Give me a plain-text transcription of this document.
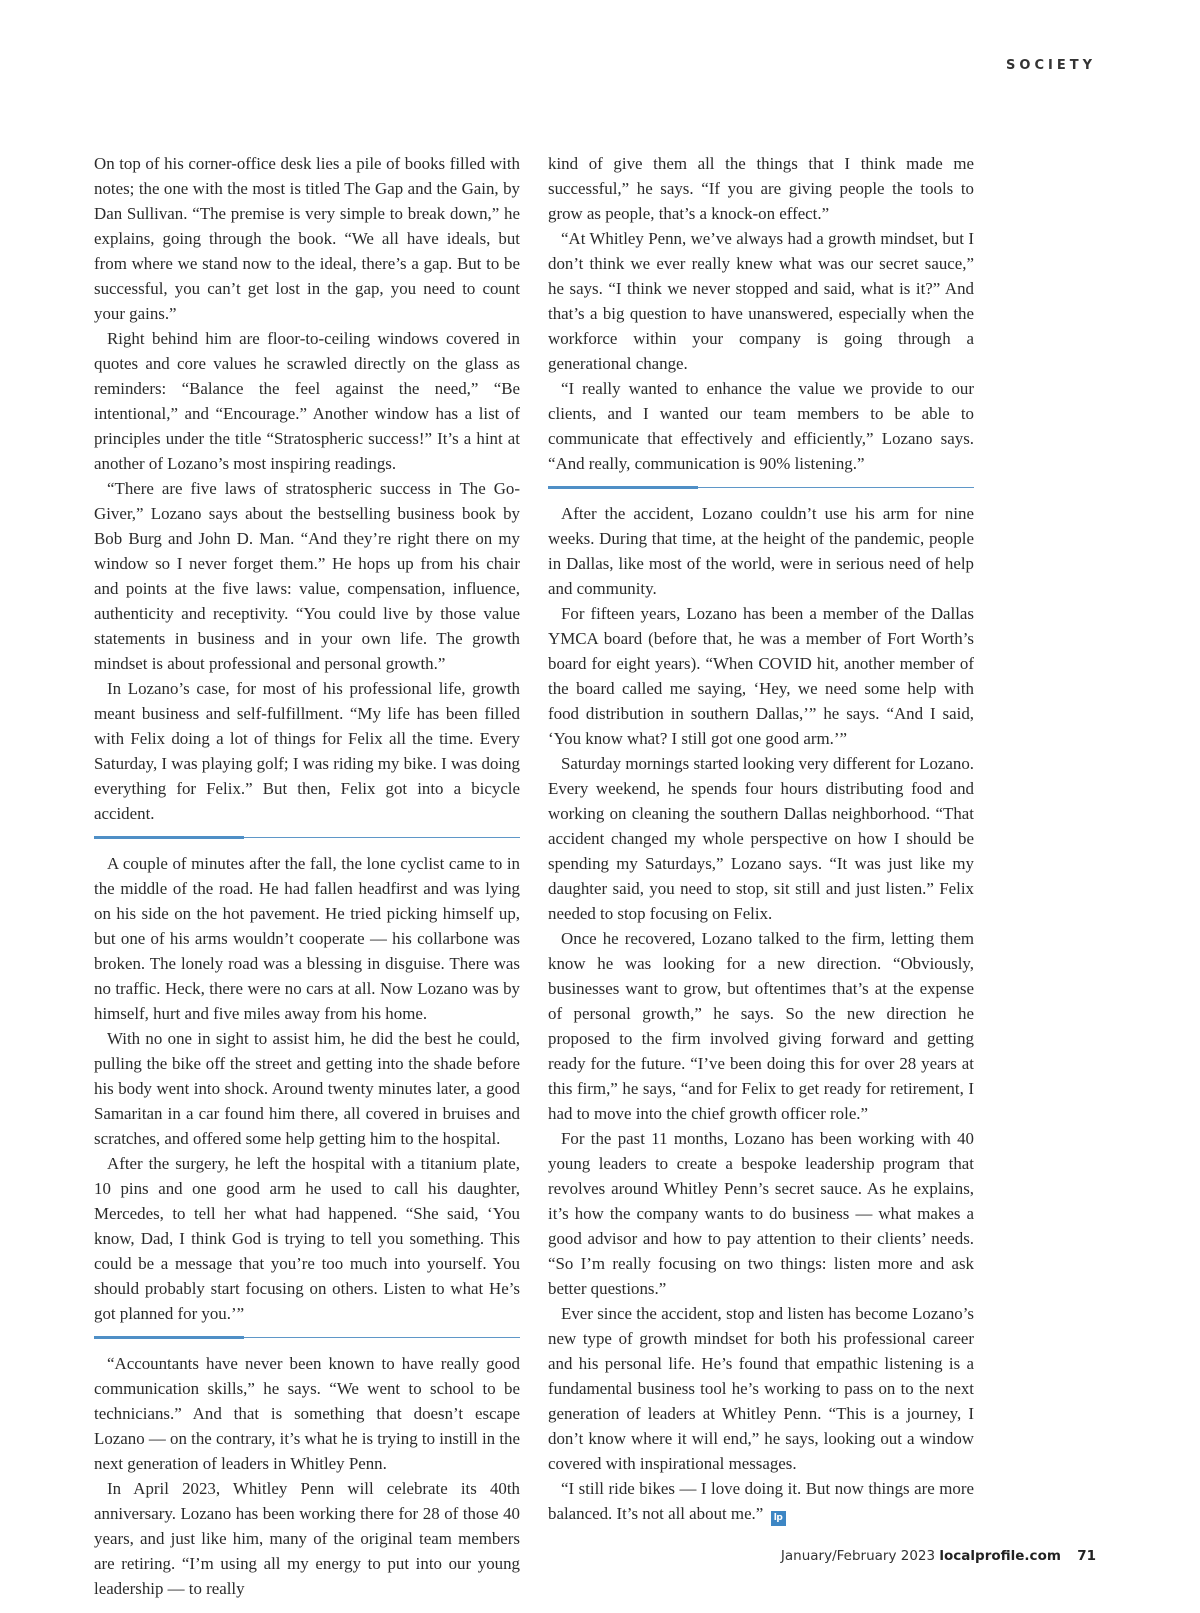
SOCIETY

On top of his corner-office desk lies a pile of books filled with notes; the one with the most is titled The Gap and the Gain, by Dan Sullivan. “The premise is very simple to break down,” he explains, going through the book. “We all have ideals, but from where we stand now to the ideal, there’s a gap. But to be successful, you can’t get lost in the gap, you need to count your gains.”

Right behind him are floor-to-ceiling windows covered in quotes and core values he scrawled directly on the glass as reminders: “Balance the feel against the need,” “Be intentional,” and “Encourage.” Another window has a list of principles under the title “Stratospheric success!” It’s a hint at another of Lozano’s most inspiring readings.

“There are five laws of stratospheric success in The Go-Giver,” Lozano says about the bestselling business book by Bob Burg and John D. Man. “And they’re right there on my window so I never forget them.” He hops up from his chair and points at the five laws: value, compensation, influence, authenticity and receptivity. “You could live by those value statements in business and in your own life. The growth mindset is about professional and personal growth.”

In Lozano’s case, for most of his professional life, growth meant business and self-fulfillment. “My life has been filled with Felix doing a lot of things for Felix all the time. Every Saturday, I was playing golf; I was riding my bike. I was doing everything for Felix.” But then, Felix got into a bicycle accident.

A couple of minutes after the fall, the lone cyclist came to in the middle of the road. He had fallen headfirst and was lying on his side on the hot pavement. He tried picking himself up, but one of his arms wouldn’t cooperate — his collarbone was broken. The lonely road was a blessing in disguise. There was no traffic. Heck, there were no cars at all. Now Lozano was by himself, hurt and five miles away from his home.

With no one in sight to assist him, he did the best he could, pulling the bike off the street and getting into the shade before his body went into shock. Around twenty minutes later, a good Samaritan in a car found him there, all covered in bruises and scratches, and offered some help getting him to the hospital.

After the surgery, he left the hospital with a titanium plate, 10 pins and one good arm he used to call his daughter, Mercedes, to tell her what had happened. “She said, ‘You know, Dad, I think God is trying to tell you something. This could be a message that you’re too much into yourself. You should probably start focusing on others. Listen to what He’s got planned for you.’”

“Accountants have never been known to have really good communication skills,” he says. “We went to school to be technicians.” And that is something that doesn’t escape Lozano — on the contrary, it’s what he is trying to instill in the next generation of leaders in Whitley Penn.

In April 2023, Whitley Penn will celebrate its 40th anniversary. Lozano has been working there for 28 of those 40 years, and just like him, many of the original team members are retiring. “I’m using all my energy to put into our young leadership — to really

kind of give them all the things that I think made me successful,” he says. “If you are giving people the tools to grow as people, that’s a knock-on effect.”

“At Whitley Penn, we’ve always had a growth mindset, but I don’t think we ever really knew what was our secret sauce,” he says. “I think we never stopped and said, what is it?” And that’s a big question to have unanswered, especially when the workforce within your company is going through a generational change.

“I really wanted to enhance the value we provide to our clients, and I wanted our team members to be able to communicate that effectively and efficiently,” Lozano says. “And really, communication is 90% listening.”

After the accident, Lozano couldn’t use his arm for nine weeks. During that time, at the height of the pandemic, people in Dallas, like most of the world, were in serious need of help and community.

For fifteen years, Lozano has been a member of the Dallas YMCA board (before that, he was a member of Fort Worth’s board for eight years). “When COVID hit, another member of the board called me saying, ‘Hey, we need some help with food distribution in southern Dallas,’” he says. “And I said, ‘You know what? I still got one good arm.’”

Saturday mornings started looking very different for Lozano. Every weekend, he spends four hours distributing food and working on cleaning the southern Dallas neighborhood. “That accident changed my whole perspective on how I should be spending my Saturdays,” Lozano says. “It was just like my daughter said, you need to stop, sit still and just listen.” Felix needed to stop focusing on Felix.

Once he recovered, Lozano talked to the firm, letting them know he was looking for a new direction. “Obviously, businesses want to grow, but oftentimes that’s at the expense of personal growth,” he says. So the new direction he proposed to the firm involved giving forward and getting ready for the future. “I’ve been doing this for over 28 years at this firm,” he says, “and for Felix to get ready for retirement, I had to move into the chief growth officer role.”

For the past 11 months, Lozano has been working with 40 young leaders to create a bespoke leadership program that revolves around Whitley Penn’s secret sauce. As he explains, it’s how the company wants to do business — what makes a good advisor and how to pay attention to their clients’ needs. “So I’m really focusing on two things: listen more and ask better questions.”

Ever since the accident, stop and listen has become Lozano’s new type of growth mindset for both his professional career and his personal life. He’s found that empathic listening is a fundamental business tool he’s working to pass on to the next generation of leaders at Whitley Penn. “This is a journey, I don’t know where it will end,” he says, looking out a window covered with inspirational messages.

“I still ride bikes — I love doing it. But now things are more balanced. It’s not all about me.” lp

January/February 2023 localprofile.com 71
